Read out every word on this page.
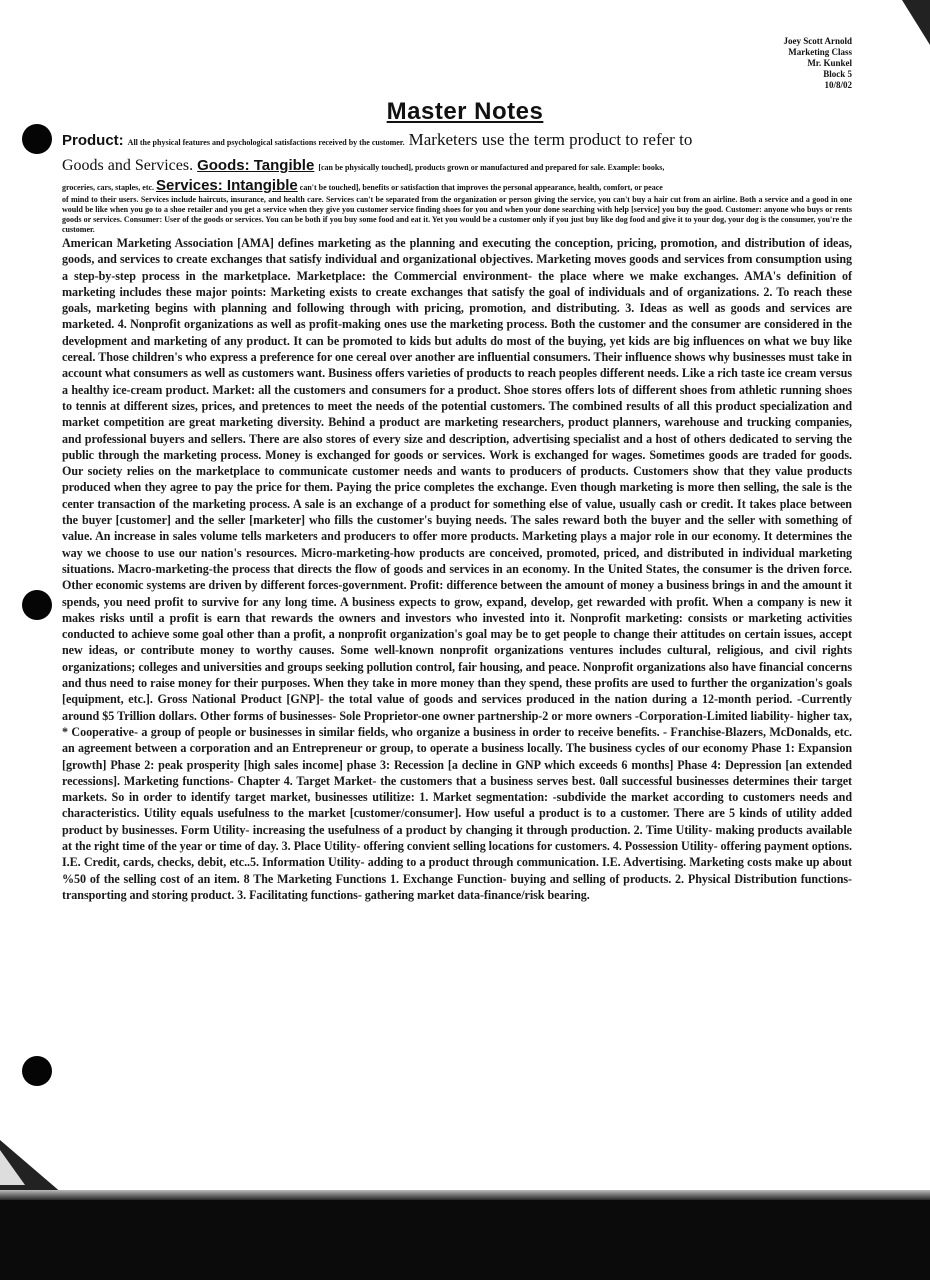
Joey Scott Arnold
Marketing Class
Mr. Kunkel
Block 5
10/8/02
Master Notes

Product: All the physical features and psychological satisfactions received by the customer. Marketers use the term product to refer to

Goods and Services. Goods: Tangible [can be physically touched], products grown or manufactured and prepared for sale. Example: books,

groceries, cars, staples, etc. Services: Intangible can't be touched], benefits or satisfaction that improves the personal appearance, health, comfort, or peace

of mind to their users. Services include haircuts, insurance, and health care. Services can't be separated from the organization or person giving the service, you can't buy a hair cut from an airline. Both a service and a good in one would be like when you go to a shoe retailer and you get a service when they give you customer service finding shoes for you and when your done searching with help [service] you buy the good. Customer: anyone who buys or rents goods or services. Consumer: User of the goods or services. You can be both if you buy some food and eat it. Yet you would be a customer only if you just buy like dog food and give it to your dog, your dog is the consumer, you're the customer.

American Marketing Association [AMA] defines marketing as the planning and executing the conception, pricing, promotion, and distribution of ideas, goods, and services to create exchanges that satisfy individual and organizational objectives. Marketing moves goods and services from consumption using a step-by-step process in the marketplace. Marketplace: the Commercial environment- the place where we make exchanges. AMA's definition of marketing includes these major points: Marketing exists to create exchanges that satisfy the goal of individuals and of organizations. 2. To reach these goals, marketing begins with planning and following through with pricing, promotion, and distributing. 3. Ideas as well as goods and services are marketed. 4. Nonprofit organizations as well as profit-making ones use the marketing process. Both the customer and the consumer are considered in the development and marketing of any product. It can be promoted to kids but adults do most of the buying, yet kids are big influences on what we buy like cereal. Those children's who express a preference for one cereal over another are influential consumers. Their influence shows why businesses must take in account what consumers as well as customers want. Business offers varieties of products to reach peoples different needs. Like a rich taste ice cream versus a healthy ice-cream product. Market: all the customers and consumers for a product. Shoe stores offers lots of different shoes from athletic running shoes to tennis at different sizes, prices, and pretences to meet the needs of the potential customers. The combined results of all this product specialization and market competition are great marketing diversity. Behind a product are marketing researchers, product planners, warehouse and trucking companies, and professional buyers and sellers. There are also stores of every size and description, advertising specialist and a host of others dedicated to serving the public through the marketing process. Money is exchanged for goods or services. Work is exchanged for wages. Sometimes goods are traded for goods. Our society relies on the marketplace to communicate customer needs and wants to producers of products. Customers show that they value products produced when they agree to pay the price for them. Paying the price completes the exchange. Even though marketing is more then selling, the sale is the center transaction of the marketing process. A sale is an exchange of a product for something else of value, usually cash or credit. It takes place between the buyer [customer] and the seller [marketer] who fills the customer's buying needs. The sales reward both the buyer and the seller with something of value. An increase in sales volume tells marketers and producers to offer more products. Marketing plays a major role in our economy. It determines the way we choose to use our nation's resources. Micro-marketing-how products are conceived, promoted, priced, and distributed in individual marketing situations. Macro-marketing-the process that directs the flow of goods and services in an economy. In the United States, the consumer is the driven force. Other economic systems are driven by different forces-government. Profit: difference between the amount of money a business brings in and the amount it spends, you need profit to survive for any long time. A business expects to grow, expand, develop, get rewarded with profit. When a company is new it makes risks until a profit is earn that rewards the owners and investors who invested into it. Nonprofit marketing: consists or marketing activities conducted to achieve some goal other than a profit, a nonprofit organization's goal may be to get people to change their attitudes on certain issues, accept new ideas, or contribute money to worthy causes. Some well-known nonprofit organizations ventures includes cultural, religious, and civil rights organizations; colleges and universities and groups seeking pollution control, fair housing, and peace. Nonprofit organizations also have financial concerns and thus need to raise money for their purposes. When they take in more money than they spend, these profits are used to further the organization's goals [equipment, etc.]. Gross National Product [GNP]- the total value of goods and services produced in the nation during a 12-month period. -Currently around $5 Trillion dollars. Other forms of businesses- Sole Proprietor-one owner partnership-2 or more owners -Corporation-Limited liability- higher tax, * Cooperative- a group of people or businesses in similar fields, who organize a business in order to receive benefits. - Franchise-Blazers, McDonalds, etc. an agreement between a corporation and an Entrepreneur or group, to operate a business locally. The business cycles of our economy Phase 1: Expansion [growth] Phase 2: peak prosperity [high sales income] phase 3: Recession [a decline in GNP which exceeds 6 months] Phase 4: Depression [an extended recessions]. Marketing functions- Chapter 4. Target Market- the customers that a business serves best. 0all successful businesses determines their target markets. So in order to identify target market, businesses utilitize: 1. Market segmentation: -subdivide the market according to customers needs and characteristics. Utility equals usefulness to the market [customer/consumer]. How useful a product is to a customer. There are 5 kinds of utility added product by businesses. Form Utility- increasing the usefulness of a product by changing it through production. 2. Time Utility- making products available at the right time of the year or time of day. 3. Place Utility- offering convient selling locations for customers. 4. Possession Utility- offering payment options. I.E. Credit, cards, checks, debit, etc..5. Information Utility- adding to a product through communication. I.E. Advertising. Marketing costs make up about %50 of the selling cost of an item. 8 The Marketing Functions 1. Exchange Function- buying and selling of products. 2. Physical Distribution functions- transporting and storing product. 3. Facilitating functions- gathering market data-finance/risk bearing.
